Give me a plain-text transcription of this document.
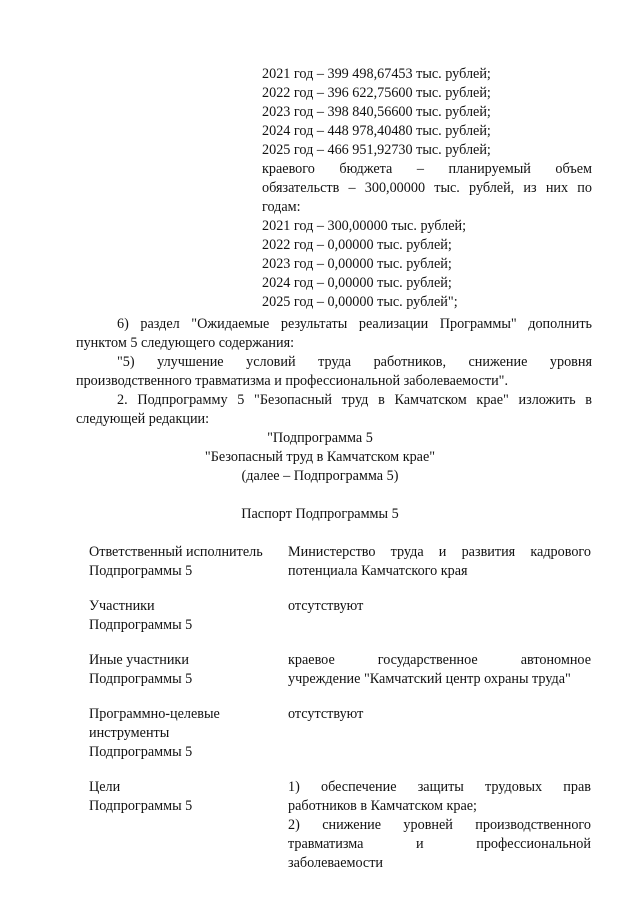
2021 год – 399 498,67453 тыс. рублей;
2022 год – 396 622,75600 тыс. рублей;
2023 год – 398 840,56600 тыс. рублей;
2024 год – 448 978,40480 тыс. рублей;
2025 год – 466 951,92730 тыс. рублей;
краевого бюджета – планируемый объем
обязательств – 300,00000 тыс. рублей, из них по
годам:
2021 год – 300,00000 тыс. рублей;
2022 год – 0,00000 тыс. рублей;
2023 год – 0,00000 тыс. рублей;
2024 год – 0,00000 тыс. рублей;
2025 год – 0,00000 тыс. рублей";
6) раздел "Ожидаемые результаты реализации Программы" дополнить
пунктом 5 следующего содержания:
"5) улучшение условий труда работников, снижение уровня
производственного травматизма и профессиональной заболеваемости".
2. Подпрограмму 5 "Безопасный труд в Камчатском крае" изложить в
следующей редакции:
"Подпрограмма 5
"Безопасный труд в Камчатском крае"
(далее – Подпрограмма 5)
Паспорт Подпрограммы 5
Ответственный исполнитель
Подпрограммы 5
Министерство труда и развития кадрового
потенциала Камчатского края
Участники
Подпрограммы 5
отсутствуют
Иные участники
Подпрограммы 5
краевое государственное автономное
учреждение "Камчатский центр охраны труда"
Программно-целевые
инструменты
Подпрограммы 5
отсутствуют
Цели
Подпрограммы 5
1) обеспечение защиты трудовых прав
работников в Камчатском крае;
2) снижение уровней производственного
травматизма и профессиональной
заболеваемости
